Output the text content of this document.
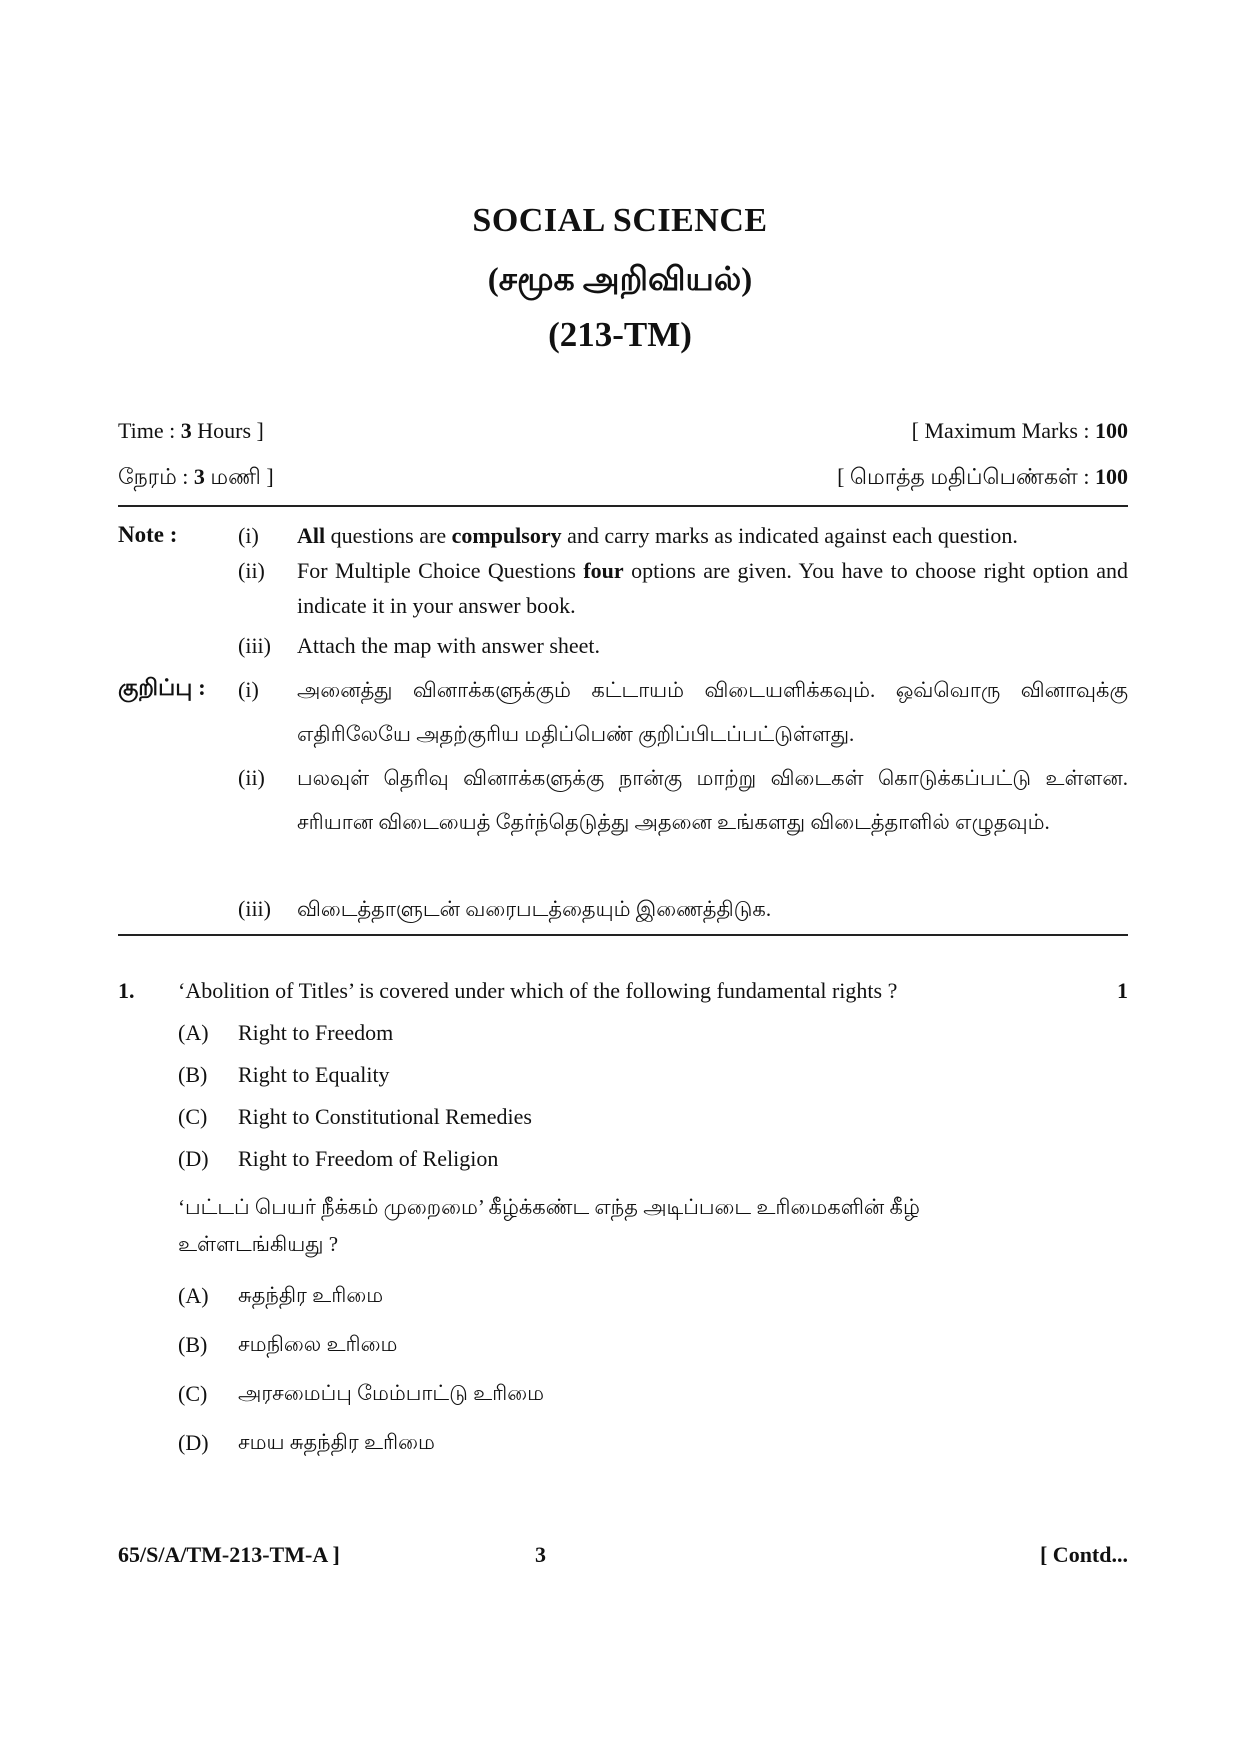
SOCIAL SCIENCE
(சமூக அறிவியல்)
(213-TM)
Time : 3 Hours ]	[ Maximum Marks : 100
நேரம் : 3 மணி ]	[ மொத்த மதிப்பெண்கள் : 100
Note :	(i) All questions are compulsory and carry marks as indicated against each question.
(ii) For Multiple Choice Questions four options are given. You have to choose right option and indicate it in your answer book.
(iii) Attach the map with answer sheet.
குறிப்பு : (i) அனைத்து வினாக்களுக்கும் கட்டாயம் விடையளிக்கவும். ஒவ்வொரு வினாவுக்கு எதிரிலேயே அதற்குரிய மதிப்பெண் குறிப்பிடப்பட்டுள்ளது.
(ii) பலவுள் தெரிவு வினாக்களுக்கு நான்கு மாற்று விடைகள் கொடுக்கப்பட்டு உள்ளன. சரியான விடையைத் தேர்ந்தெடுத்து அதனை உங்களது விடைத்தாளில் எழுதவும்.
(iii) விடைத்தாளுடன் வரைபடத்தையும் இணைத்திடுக.
1. ‘Abolition of Titles’ is covered under which of the following fundamental rights ?	1
(A) Right to Freedom
(B) Right to Equality
(C) Right to Constitutional Remedies
(D) Right to Freedom of Religion
‘பட்டப் பெயர் நீக்கம் முறைமை’ கீழ்க்கண்ட எந்த அடிப்படை உரிமைகளின் கீழ்
உள்ளடங்கியது ?
(A) சுதந்திர உரிமை
(B) சமநிலை உரிமை
(C) அரசமைப்பு மேம்பாட்டு உரிமை
(D) சமய சுதந்திர உரிமை
65/S/A/TM-213-TM-A ]	3	[ Contd...
